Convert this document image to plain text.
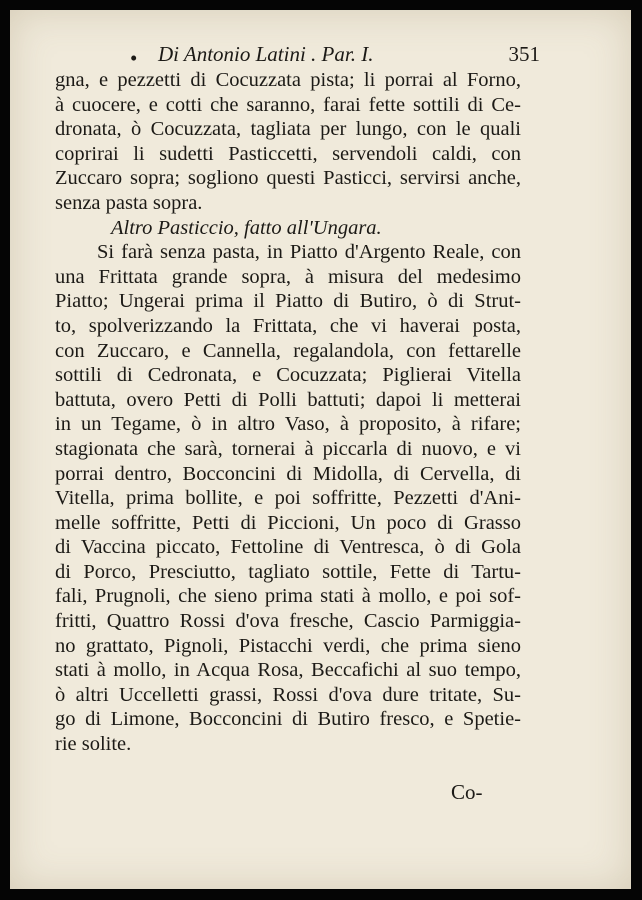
• Di Antonio Latini . Par. I.	351
gna, e pezzetti di Cocuzzata pista; li porrai al Forno,
à cuocere, e cotti che saranno, farai fette sottili di Ce-
dronata, ò Cocuzzata, tagliata per lungo, con le quali
coprirai li sudetti Pasticcetti, servendoli caldi, con
Zuccaro sopra; sogliono questi Pasticci, servirsi anche,
senza pasta sopra.
Altro Pasticcio, fatto all'Ungara.
Si farà senza pasta, in Piatto d'Argento Reale, con
una Frittata grande sopra, à misura del medesimo
Piatto; Ungerai prima il Piatto di Butiro, ò di Strut-
to, spolverizzando la Frittata, che vi haverai posta,
con Zuccaro, e Cannella, regalandola, con fettarelle
sottili di Cedronata, e Cocuzzata; Piglierai Vitella
battuta, overo Petti di Polli battuti; dapoi li metterai
in un Tegame, ò in altro Vaso, à proposito, à rifare;
stagionata che sarà, tornerai à piccarla di nuovo, e vi
porrai dentro, Bocconcini di Midolla, di Cervella, di
Vitella, prima bollite, e poi soffritte, Pezzetti d'Ani-
melle soffritte, Petti di Piccioni, Un poco di Grasso
di Vaccina piccato, Fettoline di Ventresca, ò di Gola
di Porco, Presciutto, tagliato sottile, Fette di Tartu-
fali, Prugnoli, che sieno prima stati à mollo, e poi sof-
fritti, Quattro Rossi d'ova fresche, Cascio Parmiggia-
no grattato, Pignoli, Pistacchi verdi, che prima sieno
stati à mollo, in Acqua Rosa, Beccafichi al suo tempo,
ò altri Uccelletti grassi, Rossi d'ova dure tritate, Su-
go di Limone, Bocconcini di Butiro fresco, e Spetie-
rie solite.
Co-
